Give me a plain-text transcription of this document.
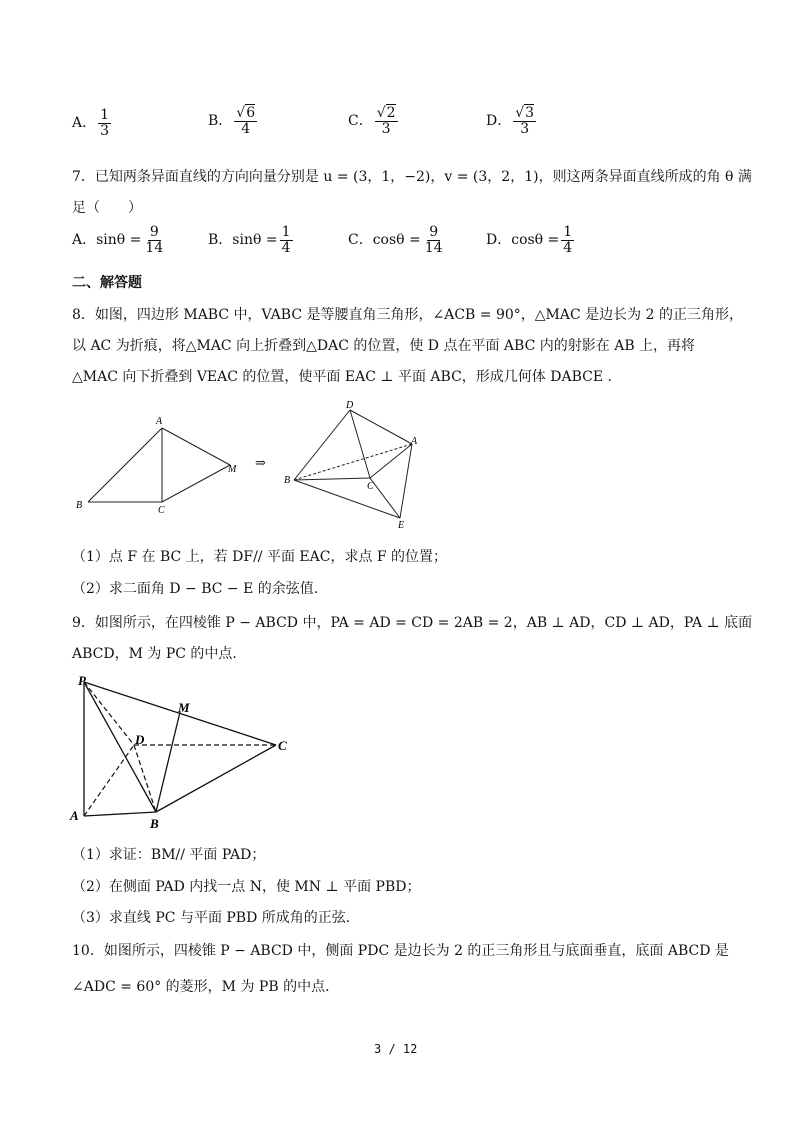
A． $\frac{1}{3}$	B． $\frac{√6}{4}$	C． $\frac{√2}{3}$	D． $\frac{√3}{3}$
7．已知两条异面直线的方向向量分别是 u = (3，1，−2)，v = (3，2，1)，则这两条异面直线所成的角 θ 满
足（　　）
A．$\sin\theta = \frac{9}{14}$	B．$\sin\theta = \frac{1}{4}$	C．$\cos\theta = \frac{9}{14}$	D．$\cos\theta = \frac{1}{4}$
二、解答题
8．如图，四边形 MABC 中，VABC 是等腰直角三角形，∠ACB = 90°，△MAC 是边长为 2 的正三角形，
以 AC 为折痕，将△MAC 向上折叠到△DAC 的位置，使 D 点在平面 ABC 内的射影在 AB 上，再将
△MAC 向下折叠到 VEAC 的位置，使平面 EAC ⊥ 平面 ABC，形成几何体 DABCE .
A
B	C
M ⇒
D
A
B
C
E
（1）点 F 在 BC 上，若 DF// 平面 EAC，求点 F 的位置；
（2）求二面角 D − BC − E 的余弦值.
9．如图所示，在四棱锥 P − ABCD 中，PA = AD = CD = 2AB = 2，AB ⊥ AD，CD ⊥ AD，PA ⊥ 底面
ABCD，M 为 PC 的中点.
P
M
D	C
A
B
（1）求证：BM// 平面 PAD；
（2）在侧面 PAD 内找一点 N，使 MN ⊥ 平面 PBD；
（3）求直线 PC 与平面 PBD 所成角的正弦.
10．如图所示，四棱锥 P − ABCD 中，侧面 PDC 是边长为 2 的正三角形且与底面垂直，底面 ABCD 是
∠ADC = 60° 的菱形，M 为 PB 的中点.
3 / 12
